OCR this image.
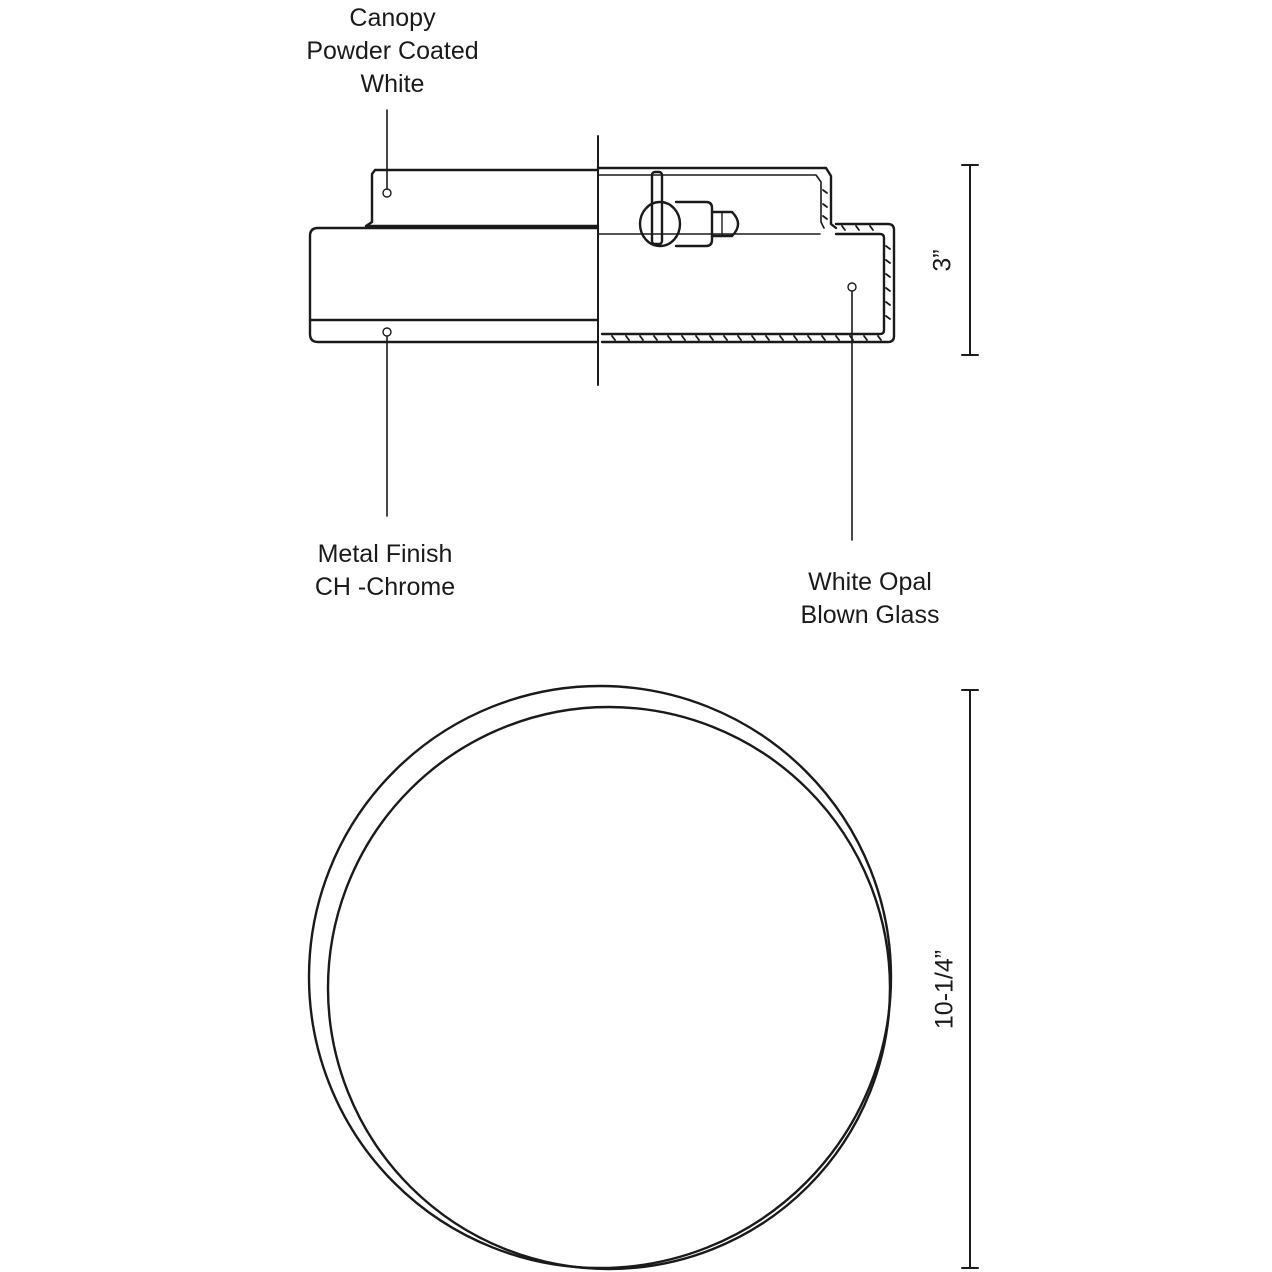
Canopy
Powder Coated
White
Metal Finish
CH -Chrome	White Opal
Blown Glass
3”
10-1/4”
